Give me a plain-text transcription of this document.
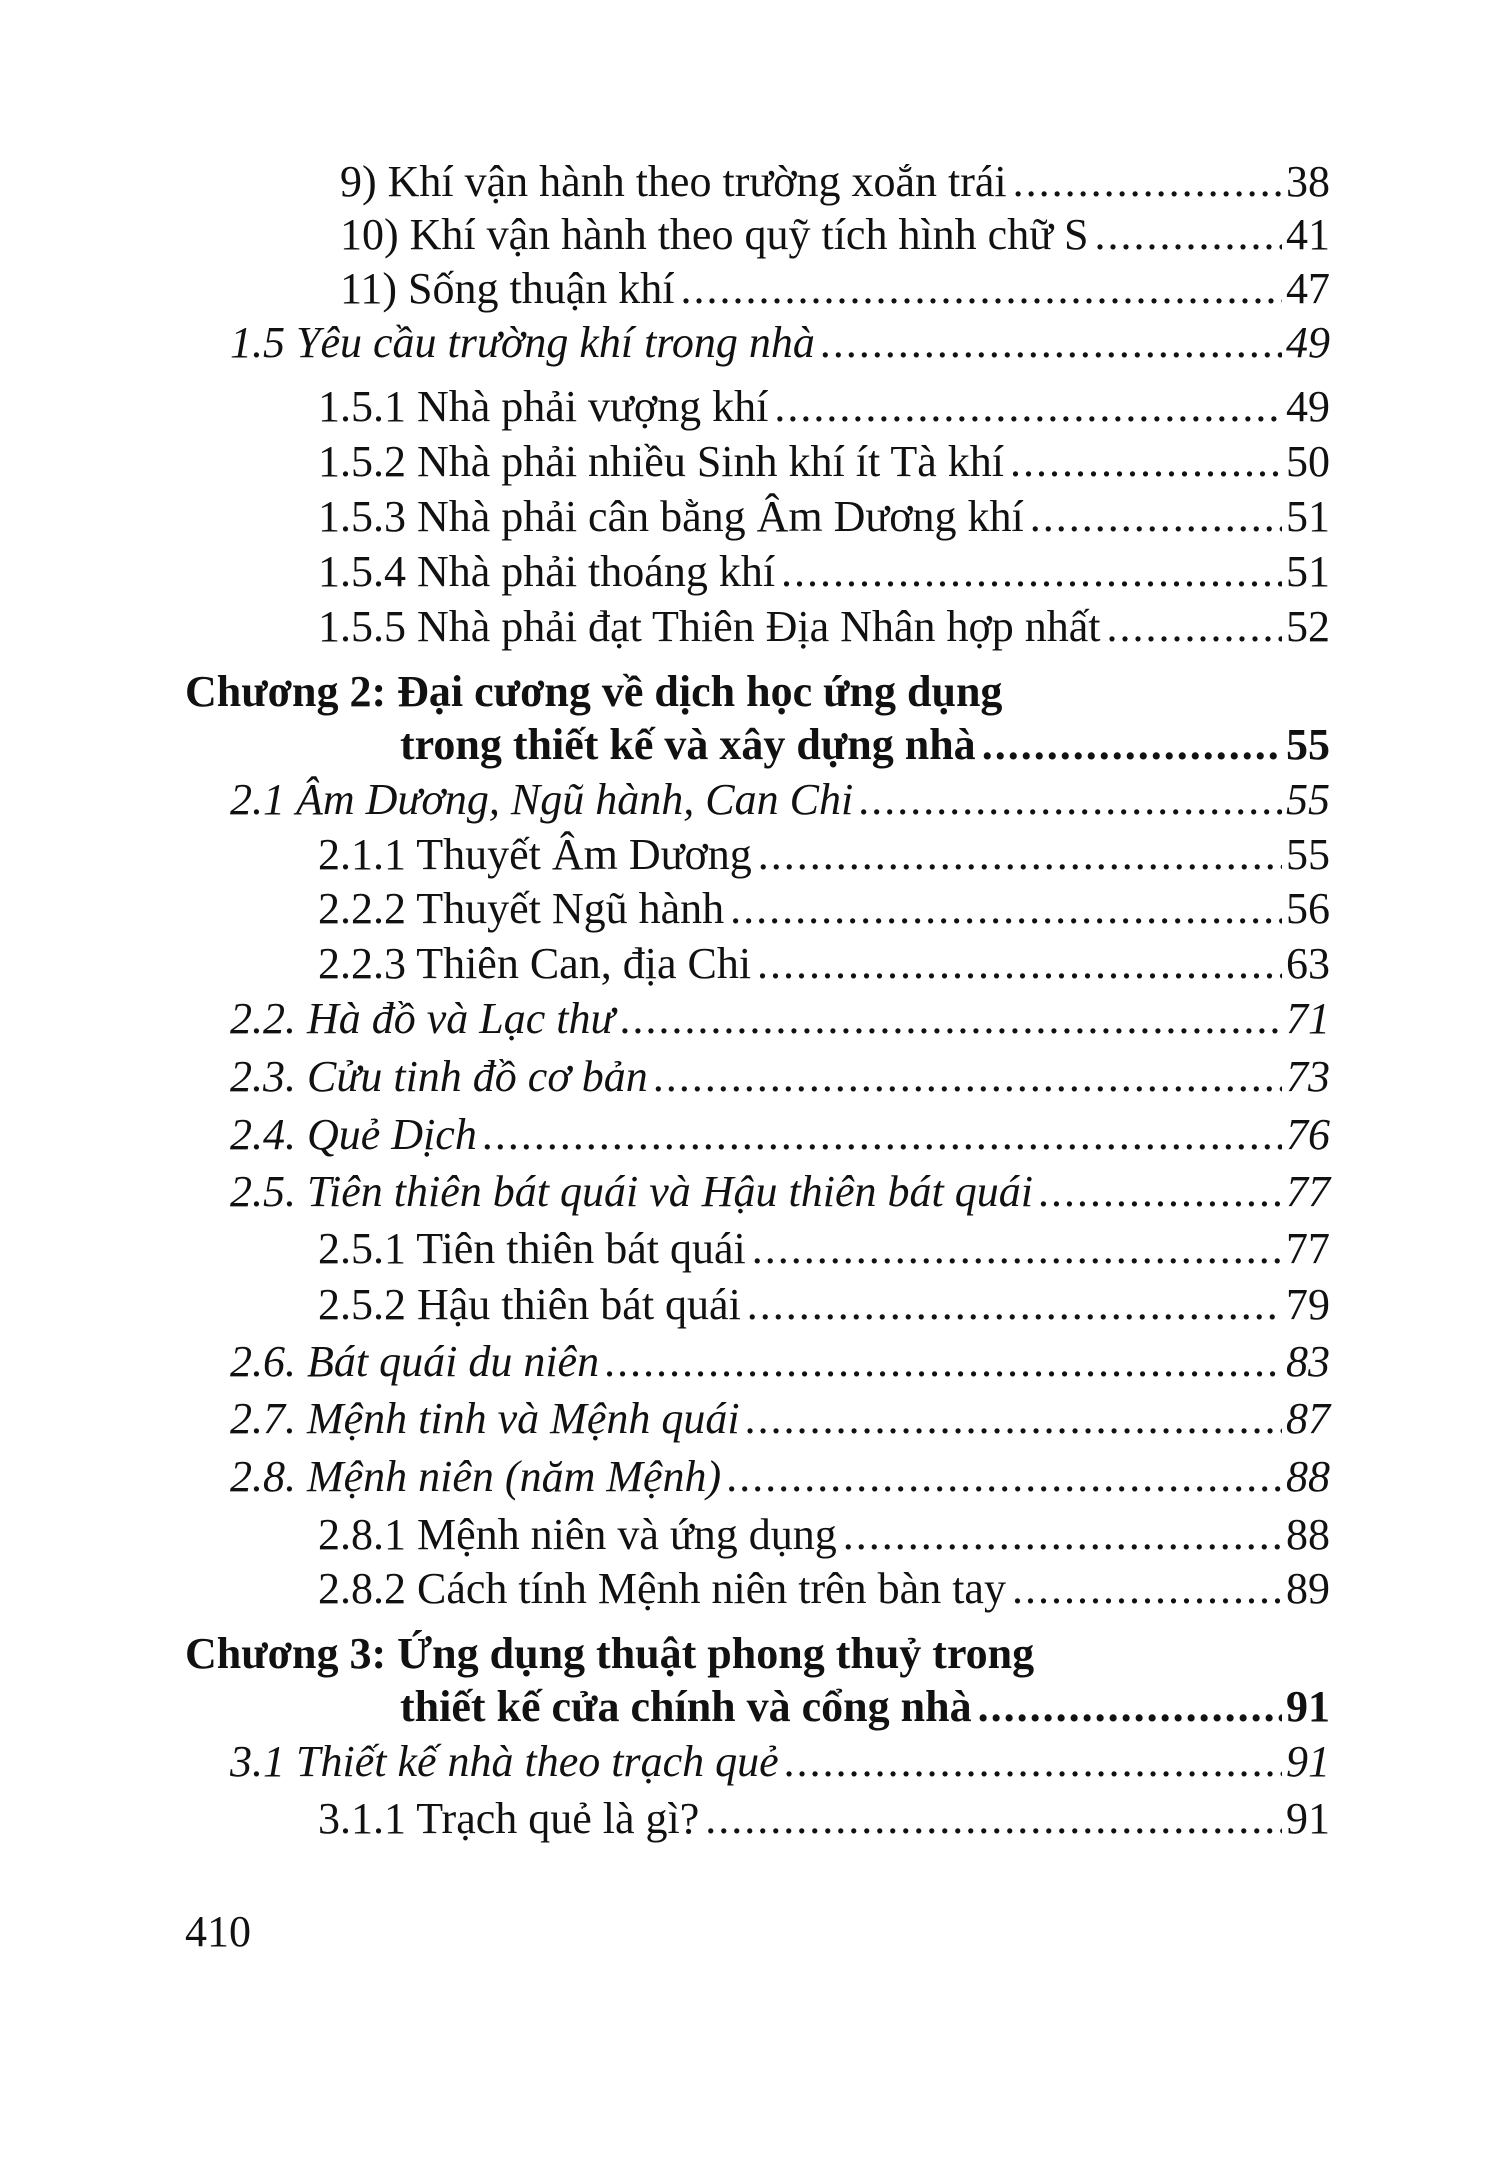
9) Khí vận hành theo trường xoắn trái .....	38
10) Khí vận hành theo quỹ tích hình chữ S .....	41
11) Sống thuận khí .....	47
1.5 Yêu cầu trường khí trong nhà .....	49
1.5.1 Nhà phải vượng khí .....	49
1.5.2 Nhà phải nhiều Sinh khí ít Tà khí .....	50
1.5.3 Nhà phải cân bằng Âm Dương khí .....	51
1.5.4 Nhà phải thoáng khí .....	51
1.5.5 Nhà phải đạt Thiên Địa Nhân hợp nhất .....	52
Chương 2: Đại cương về dịch học ứng dụng
trong thiết kế và xây dựng nhà .....	55
2.1 Âm Dương, Ngũ hành, Can Chi .....	55
2.1.1 Thuyết Âm Dương .....	55
2.2.2 Thuyết Ngũ hành .....	56
2.2.3 Thiên Can, địa Chi .....	63
2.2. Hà đồ và Lạc thư .....	71
2.3. Cửu tinh đồ cơ bản .....	73
2.4. Quẻ Dịch .....	76
2.5. Tiên thiên bát quái và Hậu thiên bát quái .....	77
2.5.1 Tiên thiên bát quái .....	77
2.5.2 Hậu thiên bát quái .....	79
2.6. Bát quái du niên .....	83
2.7. Mệnh tinh và Mệnh quái .....	87
2.8. Mệnh niên (năm Mệnh) .....	88
2.8.1 Mệnh niên và ứng dụng .....	88
2.8.2 Cách tính Mệnh niên trên bàn tay .....	89
Chương 3: Ứng dụng thuật phong thuỷ trong
thiết kế cửa chính và cổng nhà .....	91
3.1 Thiết kế nhà theo trạch quẻ .....	91
3.1.1 Trạch quẻ là gì? .....	91
410
